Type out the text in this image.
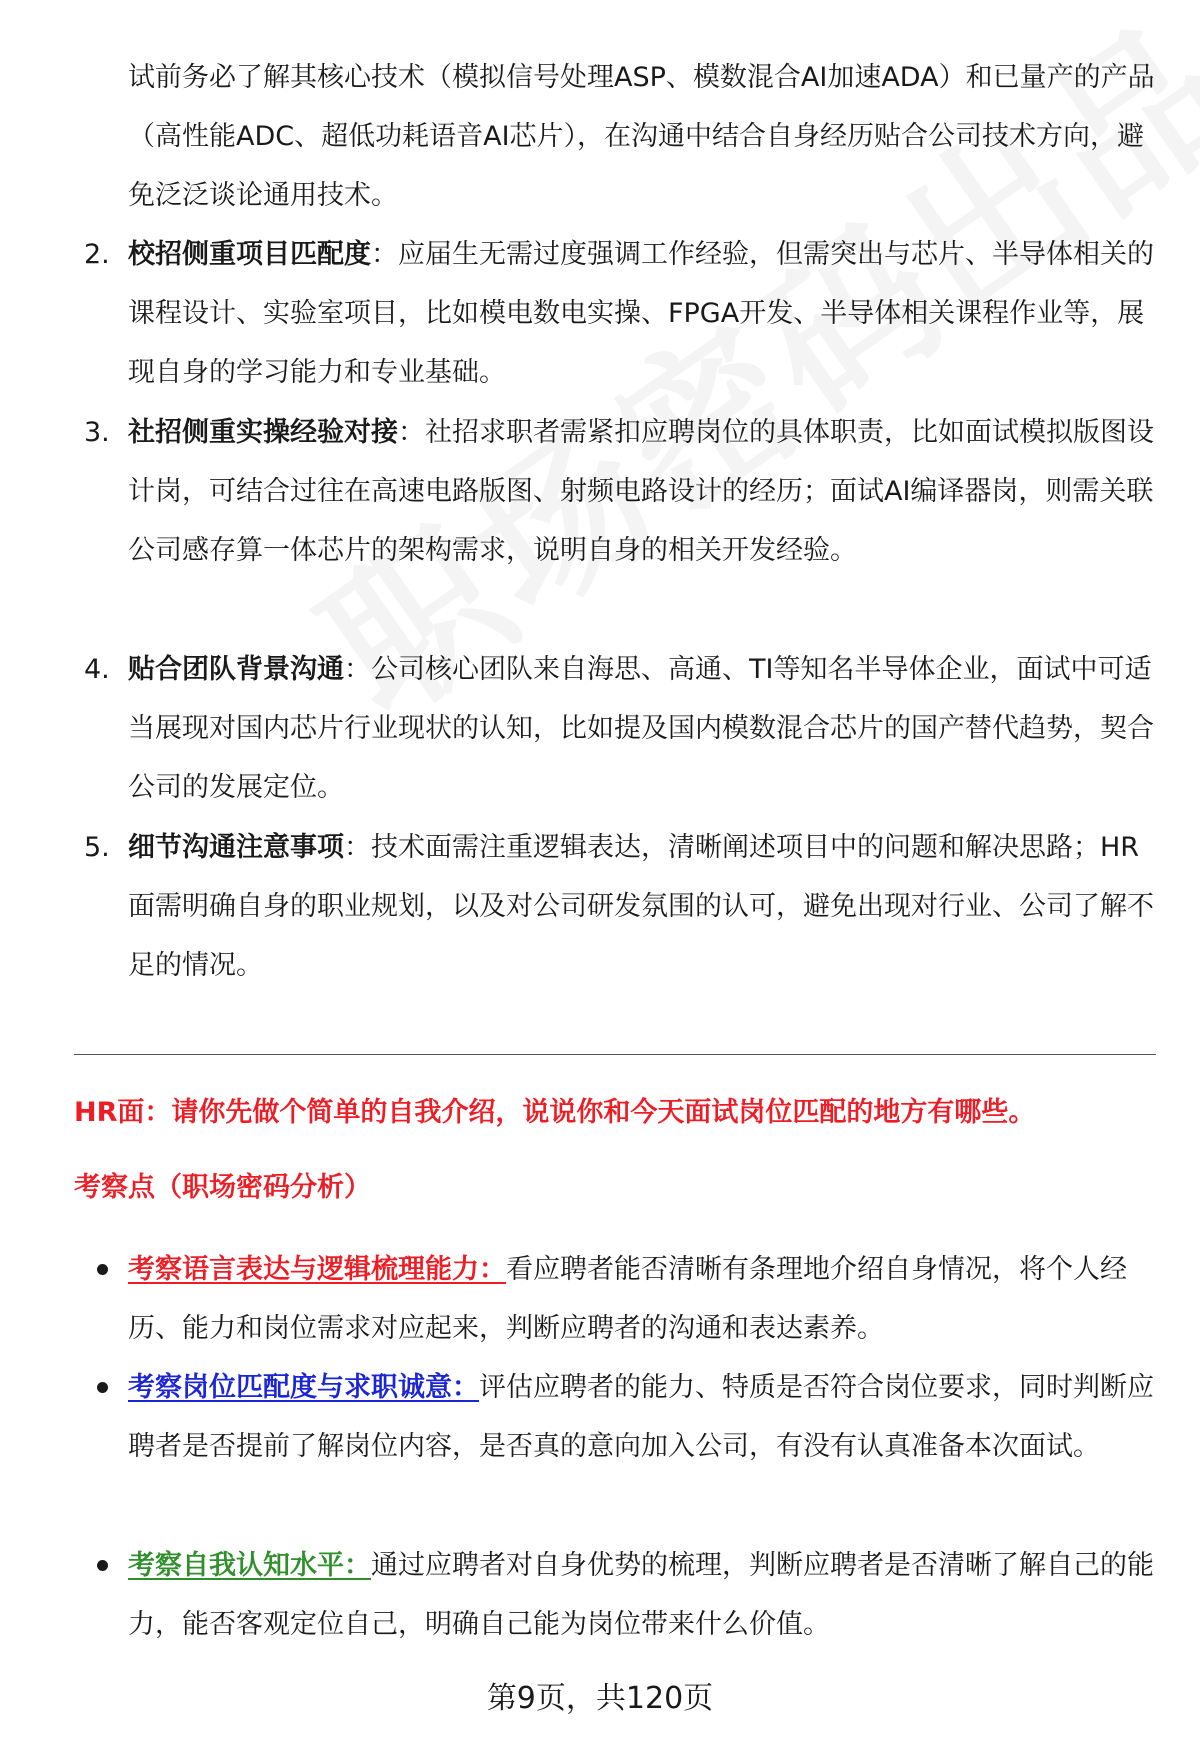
试前务必了解其核心技术（模拟信号处理ASP、模数混合AI加速ADA）和已量产的产品（高性能ADC、超低功耗语音AI芯片），在沟通中结合自身经历贴合公司技术方向，避免泛泛谈论通用技术。
2. 校招侧重项目匹配度：应届生无需过度强调工作经验，但需突出与芯片、半导体相关的课程设计、实验室项目，比如模电数电实操、FPGA开发、半导体相关课程作业等，展现自身的学习能力和专业基础。
3. 社招侧重实操经验对接：社招求职者需紧扣应聘岗位的具体职责，比如面试模拟版图设计岗，可结合过往在高速电路版图、射频电路设计的经历；面试AI编译器岗，则需关联公司感存算一体芯片的架构需求，说明自身的相关开发经验。
4. 贴合团队背景沟通：公司核心团队来自海思、高通、TI等知名半导体企业，面试中可适当展现对国内芯片行业现状的认知，比如提及国内模数混合芯片的国产替代趋势，契合公司的发展定位。
5. 细节沟通注意事项：技术面需注重逻辑表达，清晰阐述项目中的问题和解决思路；HR面需明确自身的职业规划，以及对公司研发氛围的认可，避免出现对行业、公司了解不足的情况。
HR面：请你先做个简单的自我介绍，说说你和今天面试岗位匹配的地方有哪些。
考察点（职场密码分析）
考察语言表达与逻辑梳理能力：看应聘者能否清晰有条理地介绍自身情况，将个人经历、能力和岗位需求对应起来，判断应聘者的沟通和表达素养。
考察岗位匹配度与求职诚意：评估应聘者的能力、特质是否符合岗位要求，同时判断应聘者是否提前了解岗位内容，是否真的意向加入公司，有没有认真准备本次面试。
考察自我认知水平：通过应聘者对自身优势的梳理，判断应聘者是否清晰了解自己的能力，能否客观定位自己，明确自己能为岗位带来什么价值。
第9页，共120页
